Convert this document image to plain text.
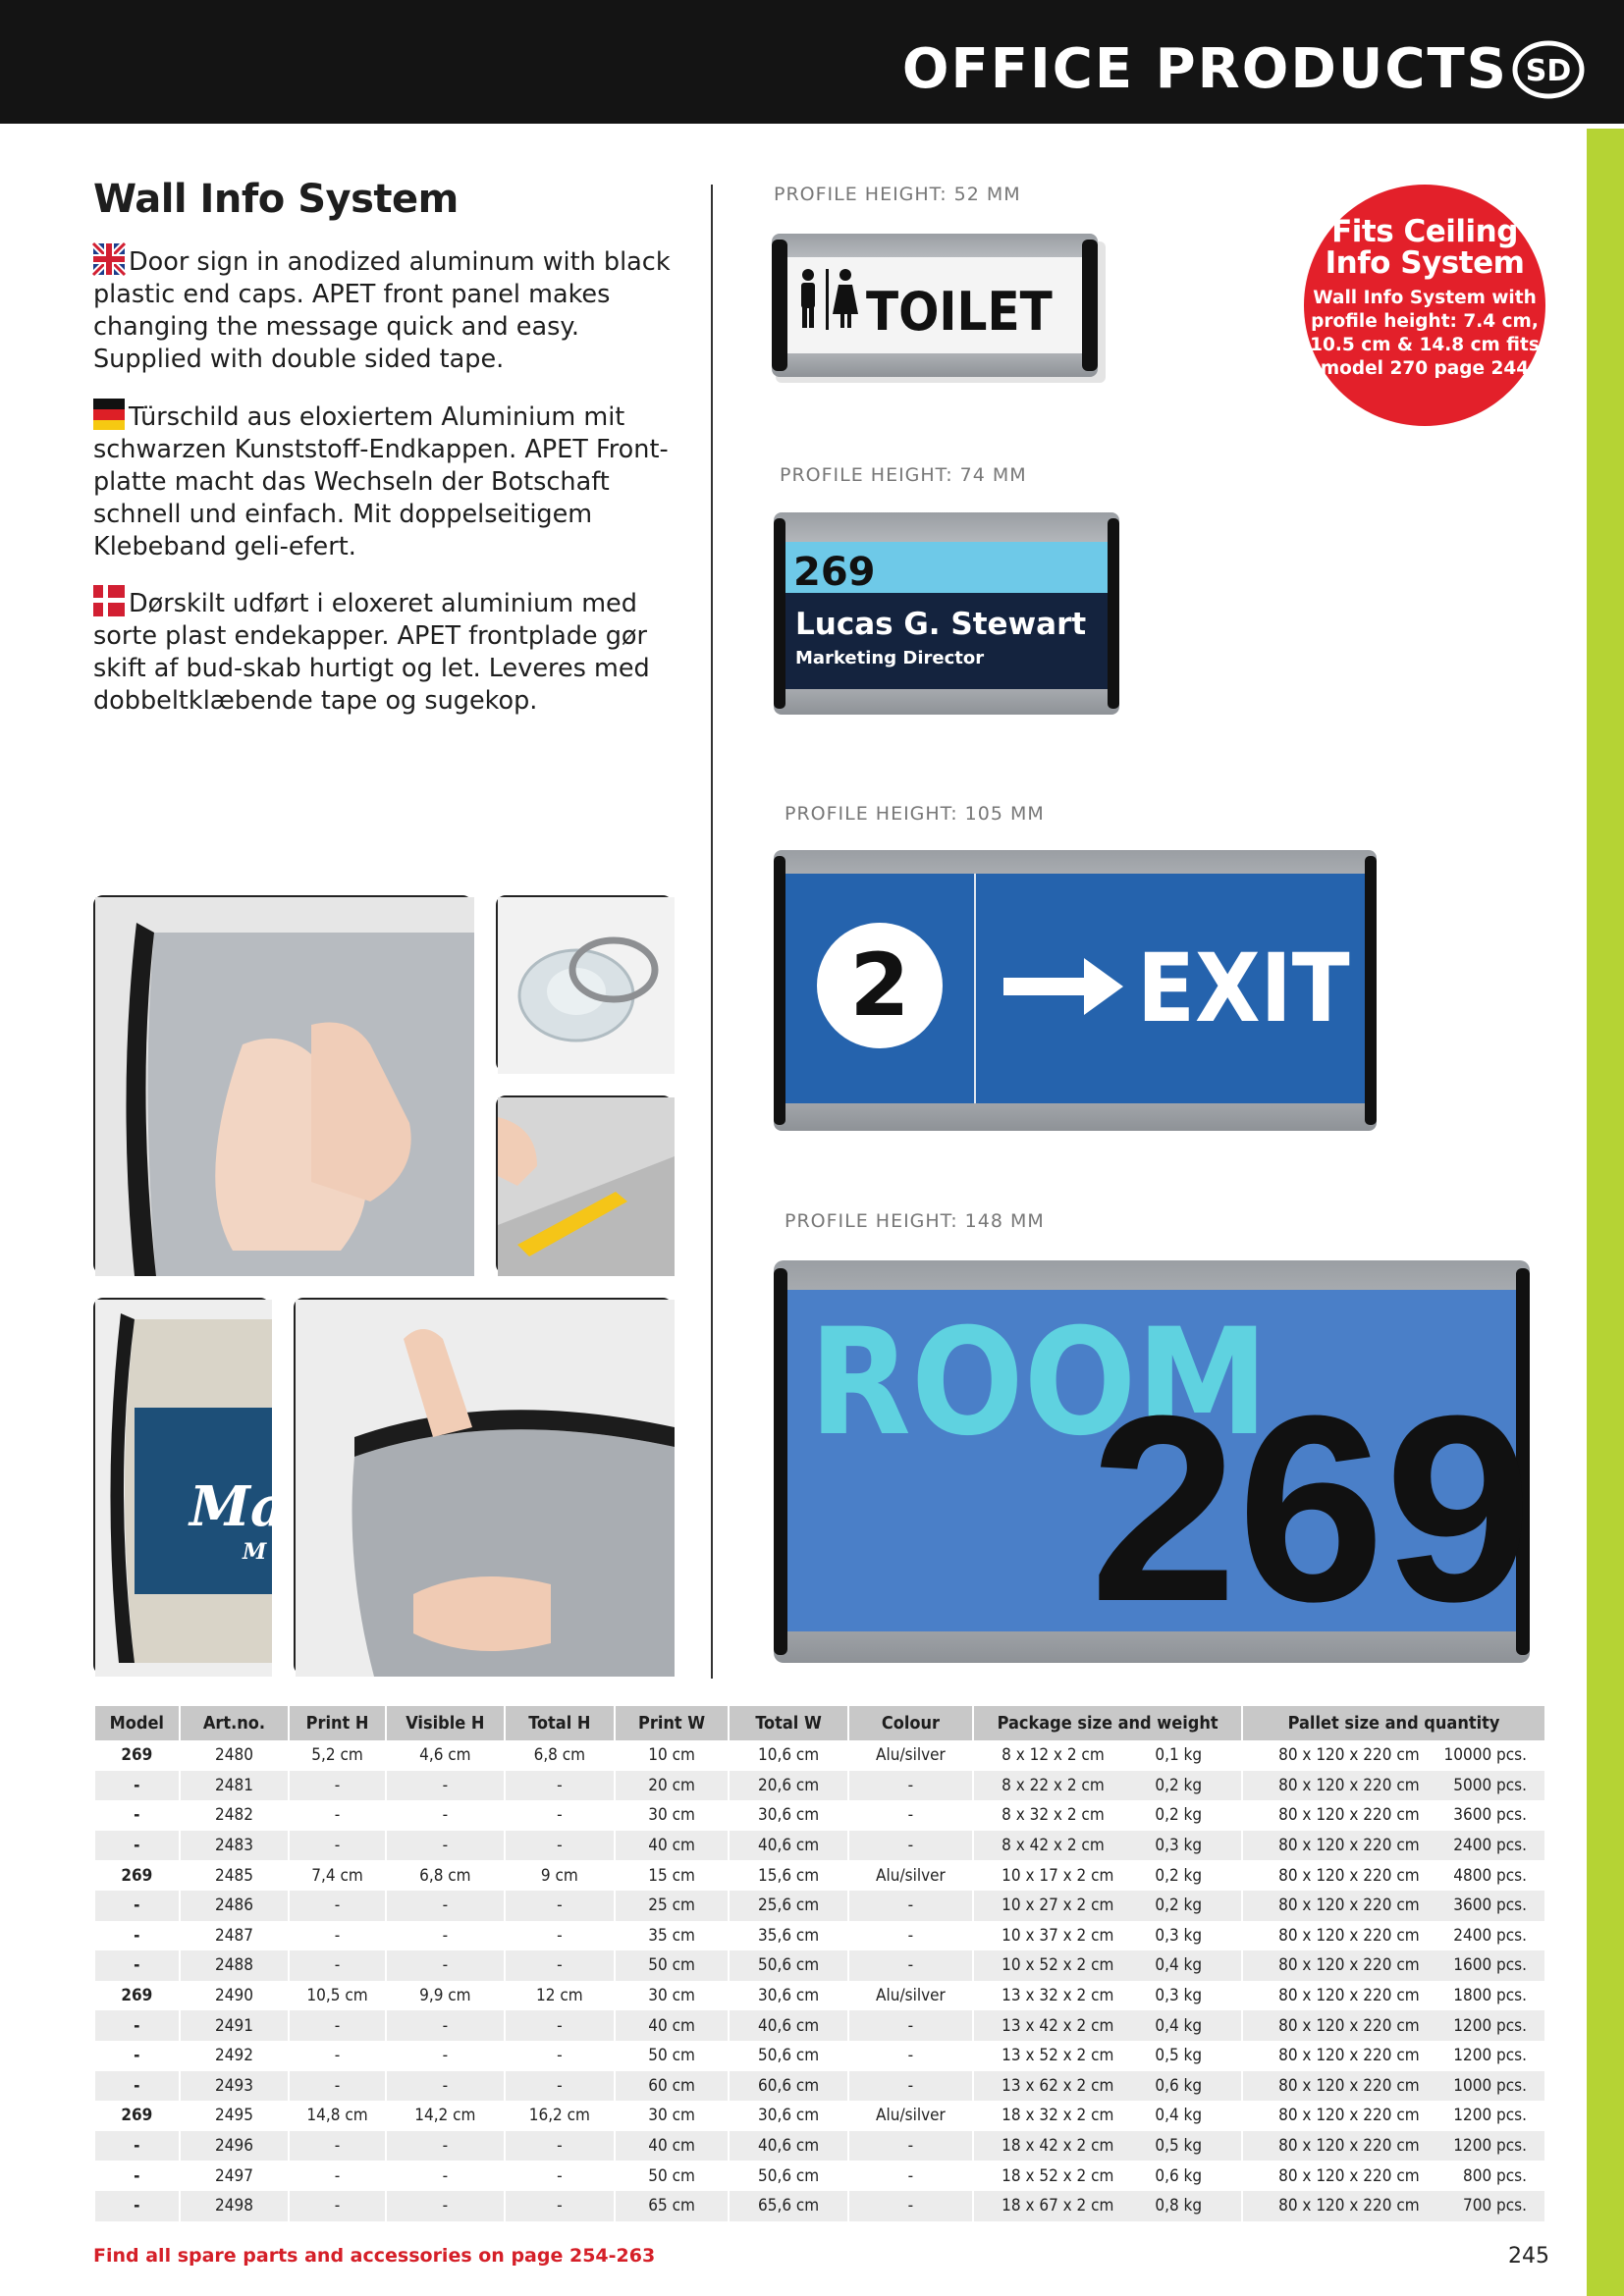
OFFICE PRODUCTS SD
Wall Info System
Door sign in anodized aluminum with black plastic end caps. APET front panel makes changing the message quick and easy. Supplied with double sided tape.
Türschild aus eloxiertem Aluminium mit schwarzen Kunststoff-Endkappen. APET Front-platte macht das Wechseln der Botschaft schnell und einfach. Mit doppelseitigem Klebeband geli-efert.
Dørskilt udført i eloxeret aluminium med sorte plast endekapper. APET frontplade gør skift af bud-skab hurtigt og let. Leveres med dobbeltklæbende tape og sugekop.
Fits Ceiling Info System
Wall Info System with profile height: 7.4 cm, 10.5 cm & 14.8 cm fits model 270 page 244
PROFILE HEIGHT: 52 MM
TOILET
PROFILE HEIGHT: 74 MM
269
Lucas G. Stewart
Marketing Director
PROFILE HEIGHT: 105 MM
2 EXIT
PROFILE HEIGHT: 148 MM
ROOM
269
Ma
M
Model	Art.no.	Print H	Visible H	Total H	Print W	Total W	Colour	Package size and weight	Pallet size and quantity
269	2480	5,2 cm	4,6 cm	6,8 cm	10 cm	10,6 cm	Alu/silver	8 x 12 x 2 cm 0,1 kg	80 x 120 x 220 cm 10000 pcs.

-	2481	-	-	-	20 cm	20,6 cm	-	8 x 22 x 2 cm 0,2 kg	80 x 120 x 220 cm 5000 pcs.

-	2482	-	-	-	30 cm	30,6 cm	-	8 x 32 x 2 cm 0,2 kg	80 x 120 x 220 cm 3600 pcs.

-	2483	-	-	-	40 cm	40,6 cm	-	8 x 42 x 2 cm 0,3 kg	80 x 120 x 220 cm 2400 pcs.

269	2485	7,4 cm	6,8 cm	9 cm	15 cm	15,6 cm	Alu/silver	10 x 17 x 2 cm 0,2 kg	80 x 120 x 220 cm 4800 pcs.

-	2486	-	-	-	25 cm	25,6 cm	-	10 x 27 x 2 cm 0,2 kg	80 x 120 x 220 cm 3600 pcs.

-	2487	-	-	-	35 cm	35,6 cm	-	10 x 37 x 2 cm 0,3 kg	80 x 120 x 220 cm 2400 pcs.

-	2488	-	-	-	50 cm	50,6 cm	-	10 x 52 x 2 cm 0,4 kg	80 x 120 x 220 cm 1600 pcs.

269	2490	10,5 cm	9,9 cm	12 cm	30 cm	30,6 cm	Alu/silver	13 x 32 x 2 cm 0,3 kg	80 x 120 x 220 cm 1800 pcs.

-	2491	-	-	-	40 cm	40,6 cm	-	13 x 42 x 2 cm 0,4 kg	80 x 120 x 220 cm 1200 pcs.

-	2492	-	-	-	50 cm	50,6 cm	-	13 x 52 x 2 cm 0,5 kg	80 x 120 x 220 cm 1200 pcs.

-	2493	-	-	-	60 cm	60,6 cm	-	13 x 62 x 2 cm 0,6 kg	80 x 120 x 220 cm 1000 pcs.

269	2495	14,8 cm	14,2 cm	16,2 cm	30 cm	30,6 cm	Alu/silver	18 x 32 x 2 cm 0,4 kg	80 x 120 x 220 cm 1200 pcs.

-	2496	-	-	-	40 cm	40,6 cm	-	18 x 42 x 2 cm 0,5 kg	80 x 120 x 220 cm 1200 pcs.

-	2497	-	-	-	50 cm	50,6 cm	-	18 x 52 x 2 cm 0,6 kg	80 x 120 x 220 cm 800 pcs.

-	2498	-	-	-	65 cm	65,6 cm	-	18 x 67 x 2 cm 0,8 kg	80 x 120 x 220 cm 700 pcs.
Find all spare parts and accessories on page 254-263	245
